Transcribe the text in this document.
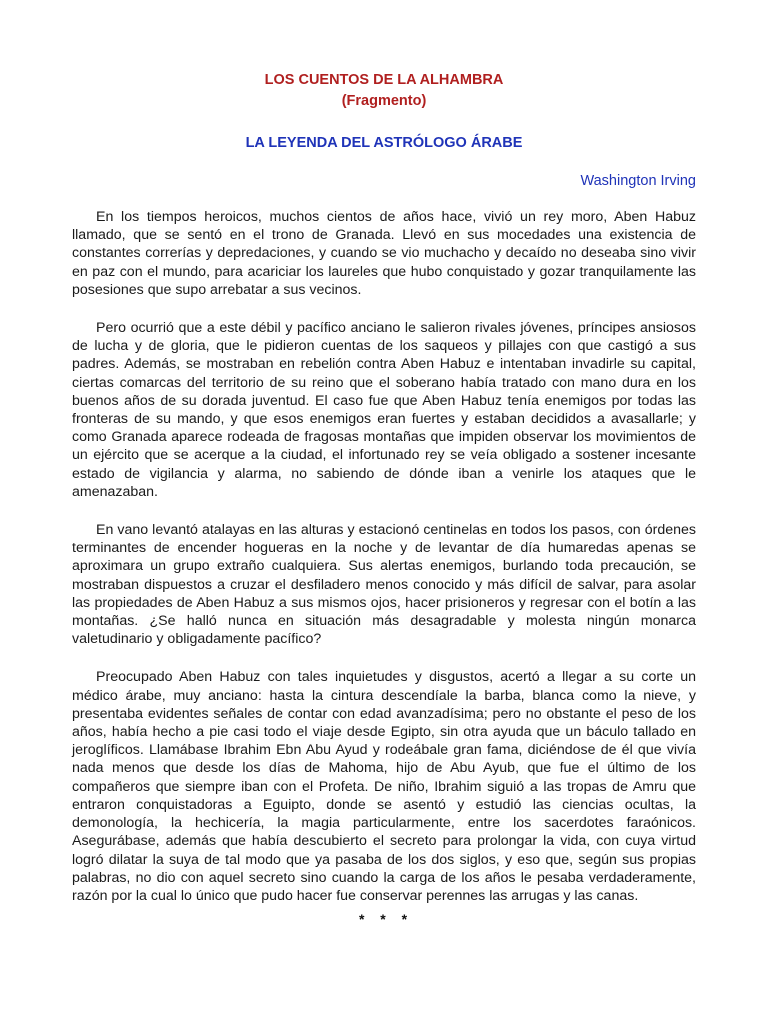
LOS CUENTOS DE LA ALHAMBRA
(Fragmento)
LA LEYENDA DEL ASTRÓLOGO ÁRABE

Washington Irving

En los tiempos heroicos, muchos cientos de años hace, vivió un rey moro, Aben Habuz llamado, que se sentó en el trono de Granada. Llevó en sus mocedades una existencia de constantes correrías y depredaciones, y cuando se vio muchacho y decaído no deseaba sino vivir en paz con el mundo, para acariciar los laureles que hubo conquistado y gozar tranquilamente las posesiones que supo arrebatar a sus vecinos.

Pero ocurrió que a este débil y pacífico anciano le salieron rivales jóvenes, príncipes ansiosos de lucha y de gloria, que le pidieron cuentas de los saqueos y pillajes con que castigó a sus padres. Además, se mostraban en rebelión contra Aben Habuz e intentaban invadirle su capital, ciertas comarcas del territorio de su reino que el soberano había tratado con mano dura en los buenos años de su dorada juventud. El caso fue que Aben Habuz tenía enemigos por todas las fronteras de su mando, y que esos enemigos eran fuertes y estaban decididos a avasallarle; y como Granada aparece rodeada de fragosas montañas que impiden observar los movimientos de un ejército que se acerque a la ciudad, el infortunado rey se veía obligado a sostener incesante estado de vigilancia y alarma, no sabiendo de dónde iban a venirle los ataques que le amenazaban.

En vano levantó atalayas en las alturas y estacionó centinelas en todos los pasos, con órdenes terminantes de encender hogueras en la noche y de levantar de día humaredas apenas se aproximara un grupo extraño cualquiera. Sus alertas enemigos, burlando toda precaución, se mostraban dispuestos a cruzar el desfiladero menos conocido y más difícil de salvar, para asolar las propiedades de Aben Habuz a sus mismos ojos, hacer prisioneros y regresar con el botín a las montañas. ¿Se halló nunca en situación más desagradable y molesta ningún monarca valetudinario y obligadamente pacífico?

Preocupado Aben Habuz con tales inquietudes y disgustos, acertó a llegar a su corte un médico árabe, muy anciano: hasta la cintura descendíale la barba, blanca como la nieve, y presentaba evidentes señales de contar con edad avanzadísima; pero no obstante el peso de los años, había hecho a pie casi todo el viaje desde Egipto, sin otra ayuda que un báculo tallado en jeroglíficos. Llamábase Ibrahim Ebn Abu Ayud y rodeábale gran fama, diciéndose de él que vivía nada menos que desde los días de Mahoma, hijo de Abu Ayub, que fue el último de los compañeros que siempre iban con el Profeta. De niño, Ibrahim siguió a las tropas de Amru que entraron conquistadoras a Eguipto, donde se asentó y estudió las ciencias ocultas, la demonología, la hechicería, la magia particularmente, entre los sacerdotes faraónicos. Asegurábase, además que había descubierto el secreto para prolongar la vida, con cuya virtud logró dilatar la suya de tal modo que ya pasaba de los dos siglos, y eso que, según sus propias palabras, no dio con aquel secreto sino cuando la carga de los años le pesaba verdaderamente, razón por la cual lo único que pudo hacer fue conservar perennes las arrugas y las canas.

* * *
